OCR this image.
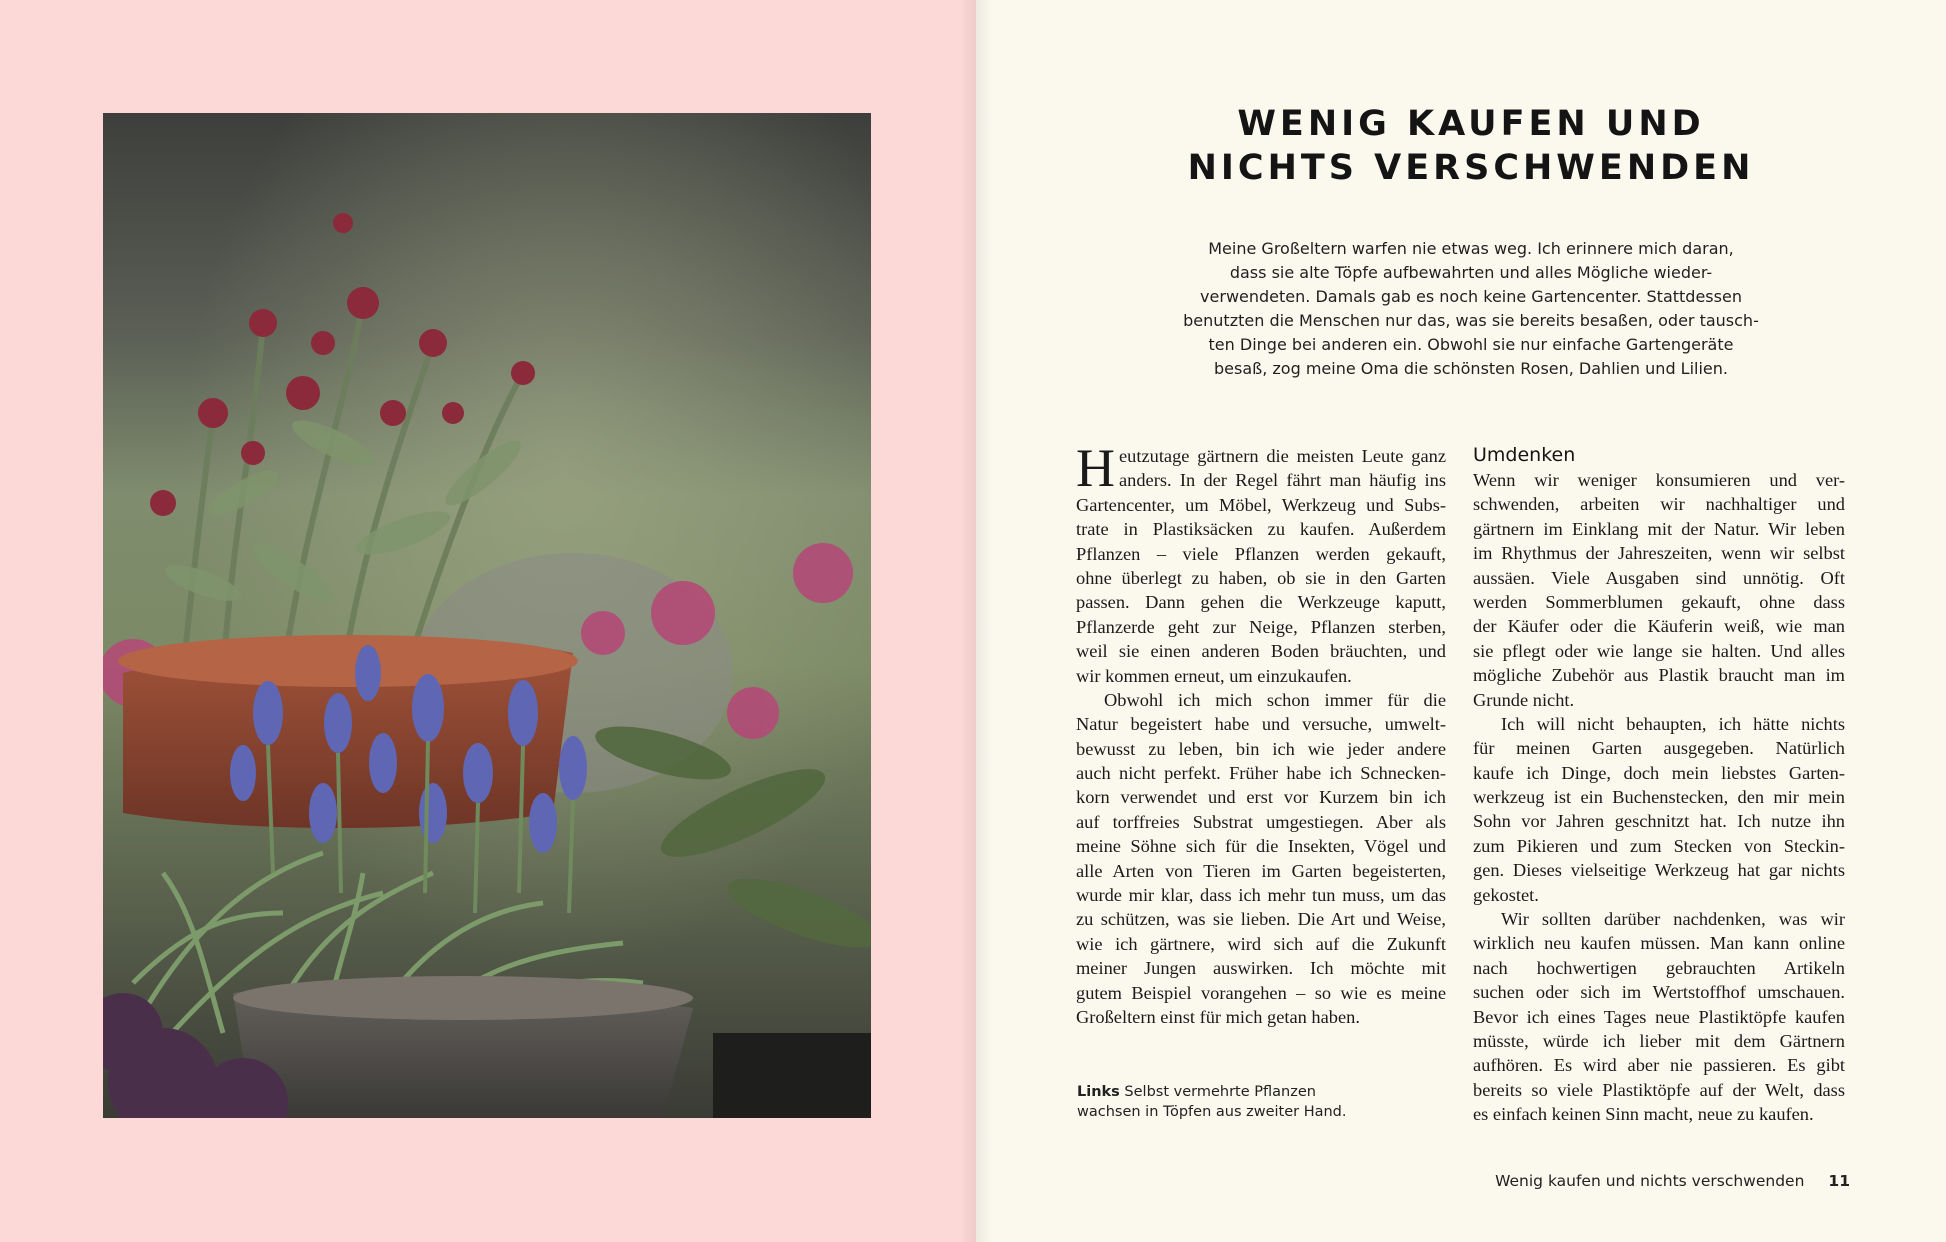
WENIG KAUFEN UND
NICHTS VERSCHWENDEN
Meine Großeltern warfen nie etwas weg. Ich erinnere mich daran,
dass sie alte Töpfe aufbewahrten und alles Mögliche wieder-
verwendeten. Damals gab es noch keine Gartencenter. Stattdessen
benutzten die Menschen nur das, was sie bereits besaßen, oder tausch-
ten Dinge bei anderen ein. Obwohl sie nur einfache Gartengeräte
besaß, zog meine Oma die schönsten Rosen, Dahlien und Lilien.
H eutzutage gärtnern die meisten Leute ganz
anders. In der Regel fährt man häufig ins
Gartencenter, um Möbel, Werkzeug und Subs-
trate in Plastiksäcken zu kaufen. Außerdem
Pflanzen – viele Pflanzen werden gekauft,
ohne überlegt zu haben, ob sie in den Garten
passen. Dann gehen die Werkzeuge kaputt,
Pflanzerde geht zur Neige, Pflanzen sterben,
weil sie einen anderen Boden bräuchten, und
wir kommen erneut, um einzukaufen.
Obwohl ich mich schon immer für die
Natur begeistert habe und versuche, umwelt-
bewusst zu leben, bin ich wie jeder andere
auch nicht perfekt. Früher habe ich Schnecken-
korn verwendet und erst vor Kurzem bin ich
auf torffreies Substrat umgestiegen. Aber als
meine Söhne sich für die Insekten, Vögel und
alle Arten von Tieren im Garten begeisterten,
wurde mir klar, dass ich mehr tun muss, um das
zu schützen, was sie lieben. Die Art und Weise,
wie ich gärtnere, wird sich auf die Zukunft
meiner Jungen auswirken. Ich möchte mit
gutem Beispiel vorangehen – so wie es meine
Großeltern einst für mich getan haben.
Umdenken
Wenn wir weniger konsumieren und ver-
schwenden, arbeiten wir nachhaltiger und
gärtnern im Einklang mit der Natur. Wir leben
im Rhythmus der Jahreszeiten, wenn wir selbst
aussäen. Viele Ausgaben sind unnötig. Oft
werden Sommerblumen gekauft, ohne dass
der Käufer oder die Käuferin weiß, wie man
sie pflegt oder wie lange sie halten. Und alles
mögliche Zubehör aus Plastik braucht man im
Grunde nicht.
Ich will nicht behaupten, ich hätte nichts
für meinen Garten ausgegeben. Natürlich
kaufe ich Dinge, doch mein liebstes Garten-
werkzeug ist ein Buchenstecken, den mir mein
Sohn vor Jahren geschnitzt hat. Ich nutze ihn
zum Pikieren und zum Stecken von Steckin-
gen. Dieses vielseitige Werkzeug hat gar nichts
gekostet.
Wir sollten darüber nachdenken, was wir
wirklich neu kaufen müssen. Man kann online
nach hochwertigen gebrauchten Artikeln
suchen oder sich im Wertstoffhof umschauen.
Bevor ich eines Tages neue Plastiktöpfe kaufen
müsste, würde ich lieber mit dem Gärtnern
aufhören. Es wird aber nie passieren. Es gibt
bereits so viele Plastiktöpfe auf der Welt, dass
es einfach keinen Sinn macht, neue zu kaufen.
Links Selbst vermehrte Pflanzen
wachsen in Töpfen aus zweiter Hand.
Wenig kaufen und nichts verschwenden 11
